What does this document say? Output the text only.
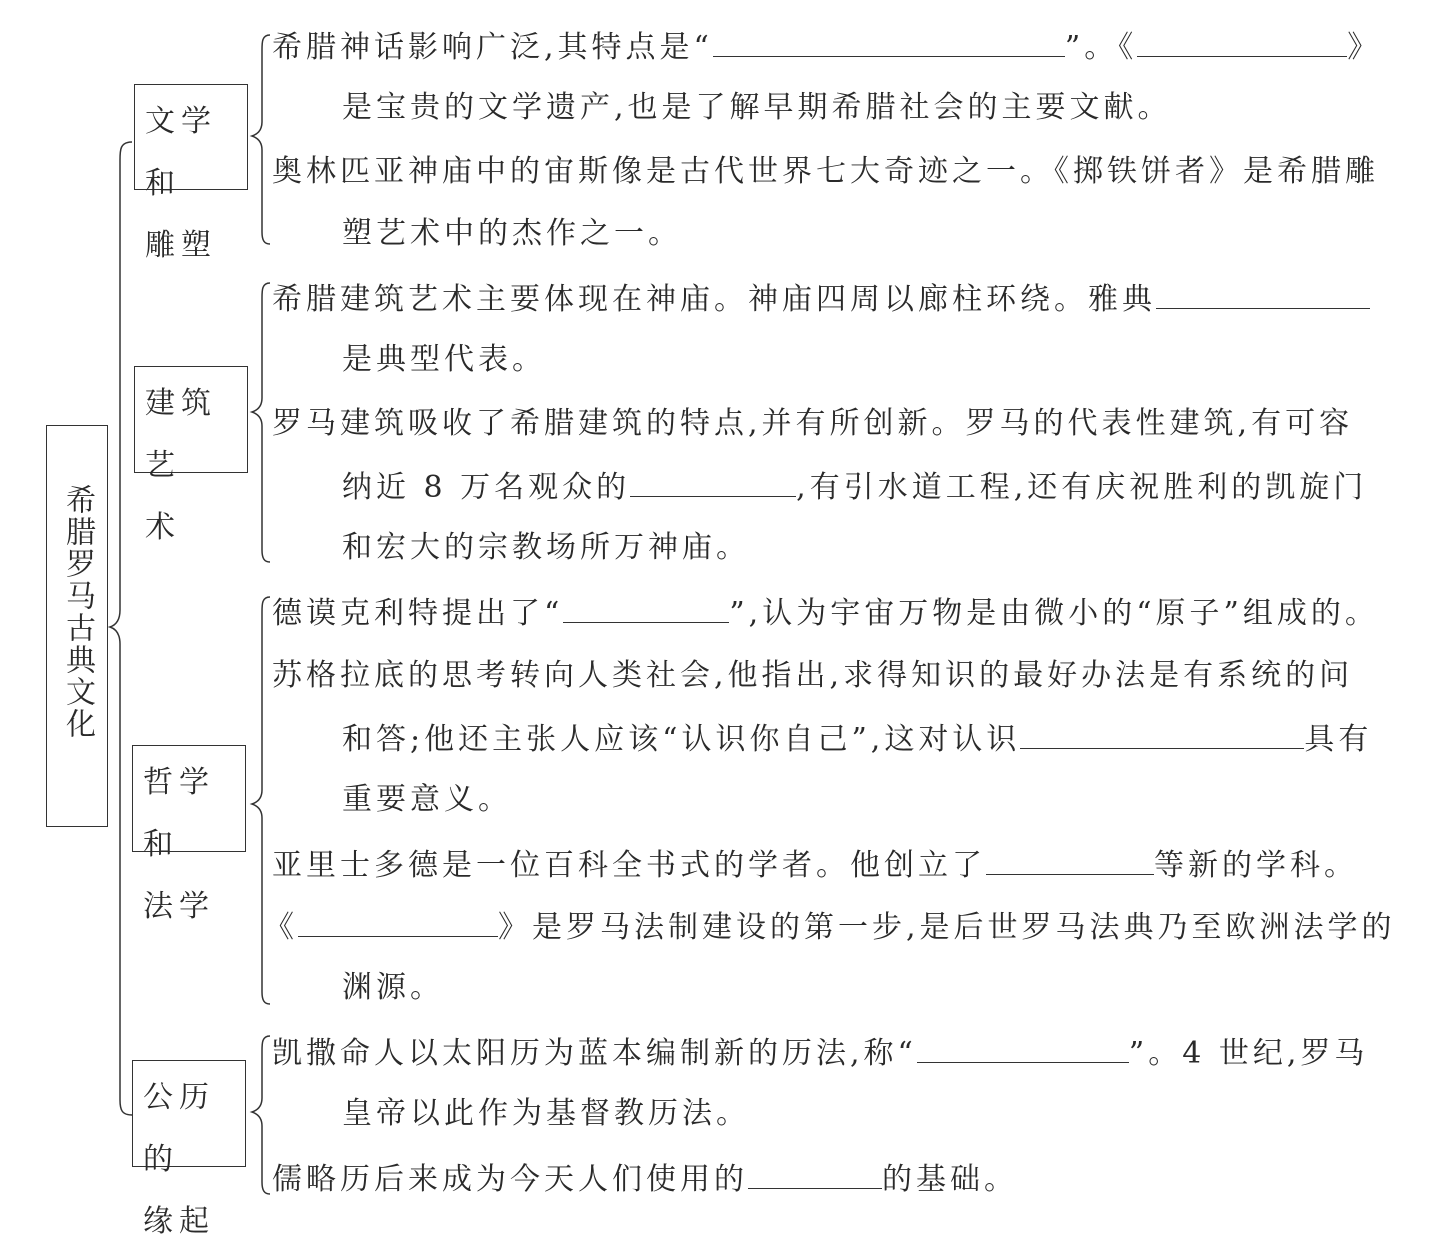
希腊罗马古典文化
文学和
雕塑
建筑艺
术
哲学和
法学
公历的
缘起
希腊神话影响广泛,其特点是“	”。《	》
是宝贵的文学遗产,也是了解早期希腊社会的主要文献。
奥林匹亚神庙中的宙斯像是古代世界七大奇迹之一。《掷铁饼者》是希腊雕
塑艺术中的杰作之一。
希腊建筑艺术主要体现在神庙。神庙四周以廊柱环绕。雅典
是典型代表。
罗马建筑吸收了希腊建筑的特点,并有所创新。罗马的代表性建筑,有可容
纳近 8 万名观众的	,有引水道工程,还有庆祝胜利的凯旋门
和宏大的宗教场所万神庙。
德谟克利特提出了“	”,认为宇宙万物是由微小的“原子”组成的。
苏格拉底的思考转向人类社会,他指出,求得知识的最好办法是有系统的问
和答;他还主张人应该“认识你自己”,这对认识	具有
重要意义。
亚里士多德是一位百科全书式的学者。他创立了	等新的学科。
《	》是罗马法制建设的第一步,是后世罗马法典乃至欧洲法学的
渊源。
凯撒命人以太阳历为蓝本编制新的历法,称“	”。4 世纪,罗马
皇帝以此作为基督教历法。
儒略历后来成为今天人们使用的	的基础。
